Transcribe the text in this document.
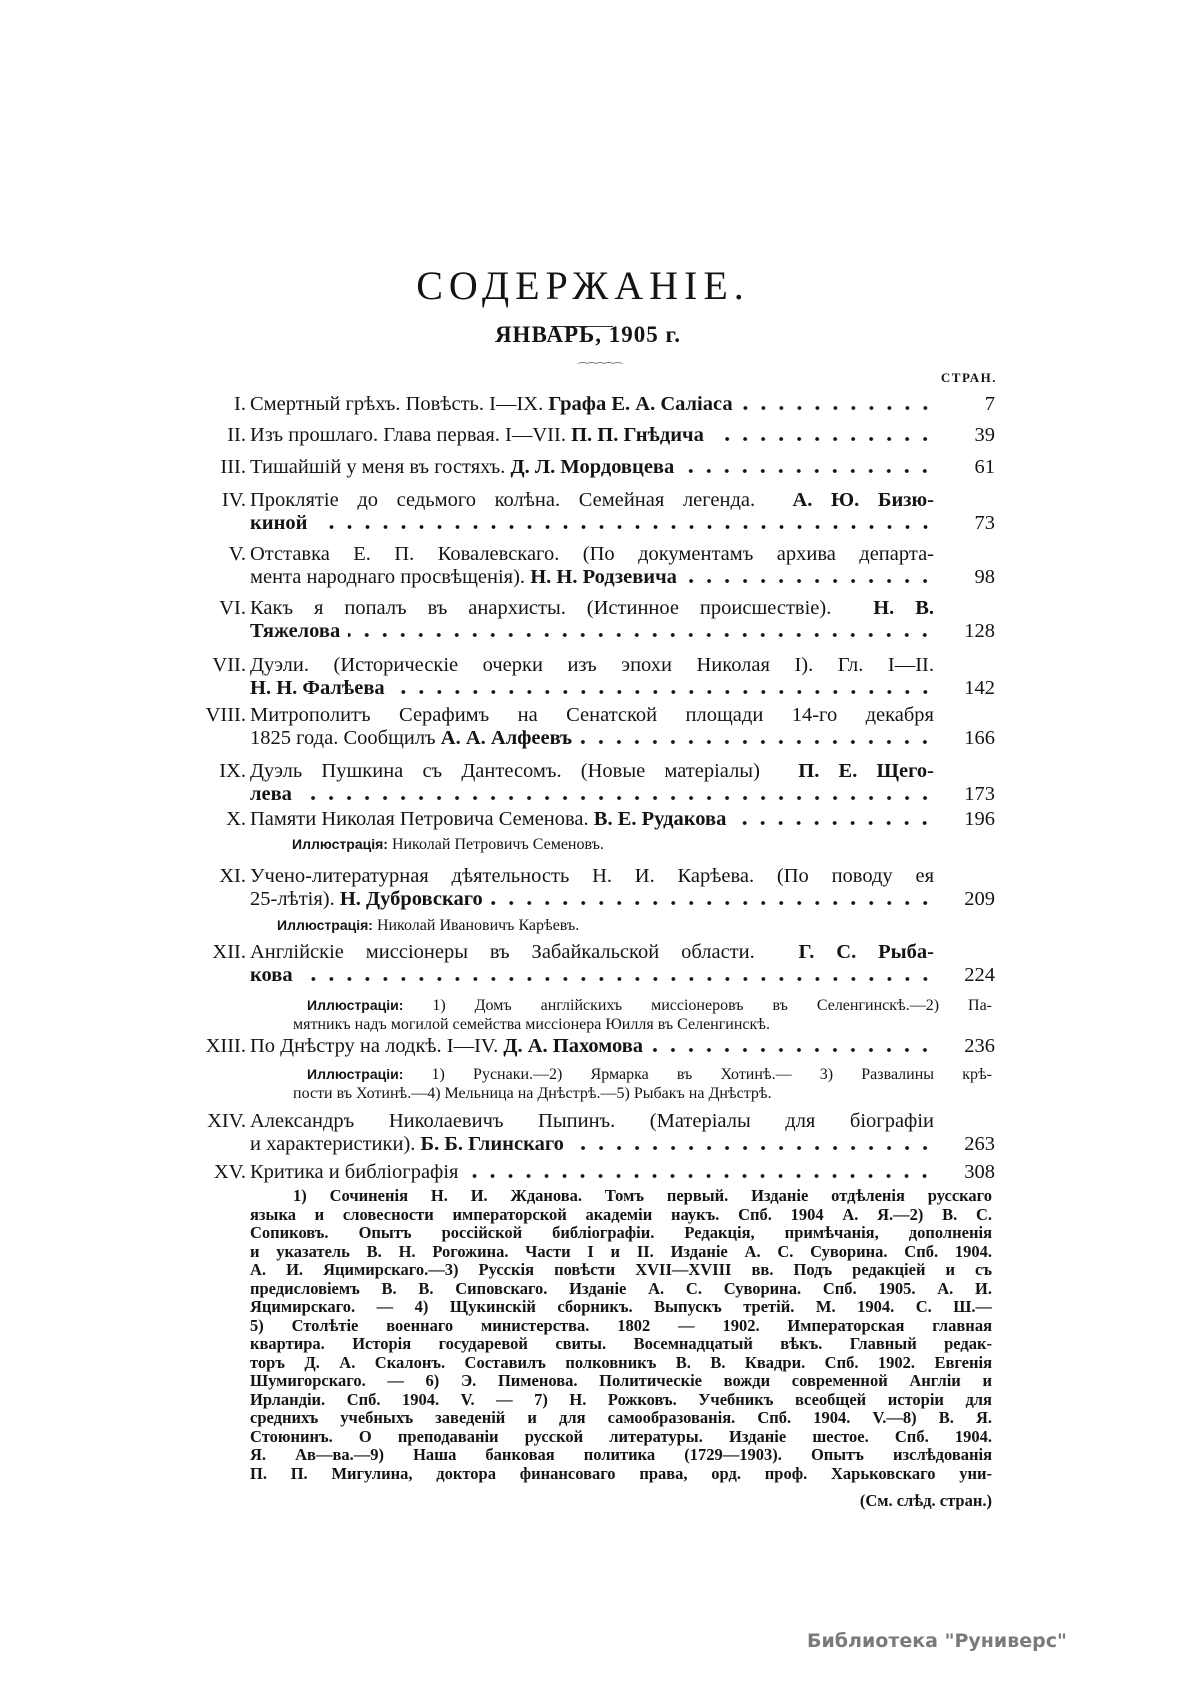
СОДЕРЖАНІЕ.
ЯНВАРЬ, 1905 г.
⁀⁀⁀⁀⁀
СТРАН.
I. Смертный грѣхъ. Повѣсть. I—IX. Графа Е. А. Саліаса	7
II. Изъ прошлаго. Глава первая. I—VII. П. П. Гнѣдича	39
III. Тишайшій у меня въ гостяхъ. Д. Л. Мордовцева	61
IV. Проклятіе до седьмого колѣна. Семейная легенда.  А. Ю. Бизю-
киной	73
V. Отставка Е. П. Ковалевскаго. (По документамъ архива департа-
мента народнаго просвѣщенія). Н. Н. Родзевича	98
VI. Какъ я попалъ въ анархисты. (Истинное происшествіе).  Н. В.
Тяжелова	128
VII. Дуэли. (Историческіе очерки изъ эпохи Николая I). Гл. I—II.
Н. Н. Фалѣева	142
VIII. Митрополитъ Серафимъ на Сенатской площади 14-го декабря
1825 года. Сообщилъ А. А. Алфеевъ	166
IX. Дуэль Пушкина съ Дантесомъ. (Новые матеріалы)  П. Е. Щего-
лева	173
X. Памяти Николая Петровича Семенова. В. Е. Рудакова	196
XI. Учено-литературная дѣятельность Н. И. Карѣева. (По поводу ея
25-лѣтія). Н. Дубровскаго	209
XII. Англійскіе миссіонеры въ Забайкальской области.  Г. С. Рыба-
кова	224
XIII. По Днѣстру на лодкѣ. I—IV. Д. А. Пахомова	236
XIV. Александръ Николаевичъ Пыпинъ. (Матеріалы для біографіи
и характеристики). Б. Б. Глинскаго	263
XV. Критика и библіографія	308
1) Сочиненія Н. И. Жданова. Томъ первый. Изданіе отдѣленія русскаго
языка и словесности императорской академіи наукъ. Спб. 1904 А. Я.—2) В. С.
Сопиковъ. Опытъ россійской библіографіи. Редакція, примѣчанія, дополненія
и указатель В. Н. Рогожина. Части I и II. Изданіе А. С. Суворина. Спб. 1904.
А. И. Яцимирскаго.—3) Русскія повѣсти XVII—XVIII вв. Подъ редакціей и съ
предисловіемъ В. В. Сиповскаго. Изданіе А. С. Суворина. Спб. 1905. А. И.
Яцимирскаго. — 4) Щукинскій сборникъ. Выпускъ третій. М. 1904. С. Ш.—
5) Столѣтіе военнаго министерства. 1802 — 1902. Императорская главная
квартира. Исторія государевой свиты. Восемнадцатый вѣкъ. Главный редак-
торъ Д. А. Скалонъ. Составилъ полковникъ В. В. Квадри. Спб. 1902. Евгенія
Шумигорскаго. — 6) Э. Пименова. Политическіе вожди современной Англіи и
Ирландіи. Спб. 1904. V. — 7) Н. Рожковъ. Учебникъ всеобщей исторіи для
среднихъ учебныхъ заведеній и для самообразованія. Спб. 1904. V.—8) В. Я.
Стоюнинъ. О преподаваніи русской литературы. Изданіе шестое. Спб. 1904.
Я. Ав—ва.—9) Наша банковая политика (1729—1903). Опытъ изслѣдованія
П. П. Мигулина, доктора финансоваго права, орд. проф. Харьковскаго уни-
(См. слѣд. стран.)
Библиотека "Руниверс"
Иллюстрація: Николай Петровичъ Семеновъ.
Иллюстрація: Николай Ивановичъ Карѣевъ.
Иллюстраціи: 1) Домъ англійскихъ миссіонеровъ въ Селенгинскѣ.—2) Па-
мятникъ надъ могилой семейства миссіонера Юилля въ Селенгинскѣ.
Иллюстраціи: 1) Руснаки.—2) Ярмарка въ Хотинѣ.— 3) Развалины крѣ-
пости въ Хотинѣ.—4) Мельница на Днѣстрѣ.—5) Рыбакъ на Днѣстрѣ.
